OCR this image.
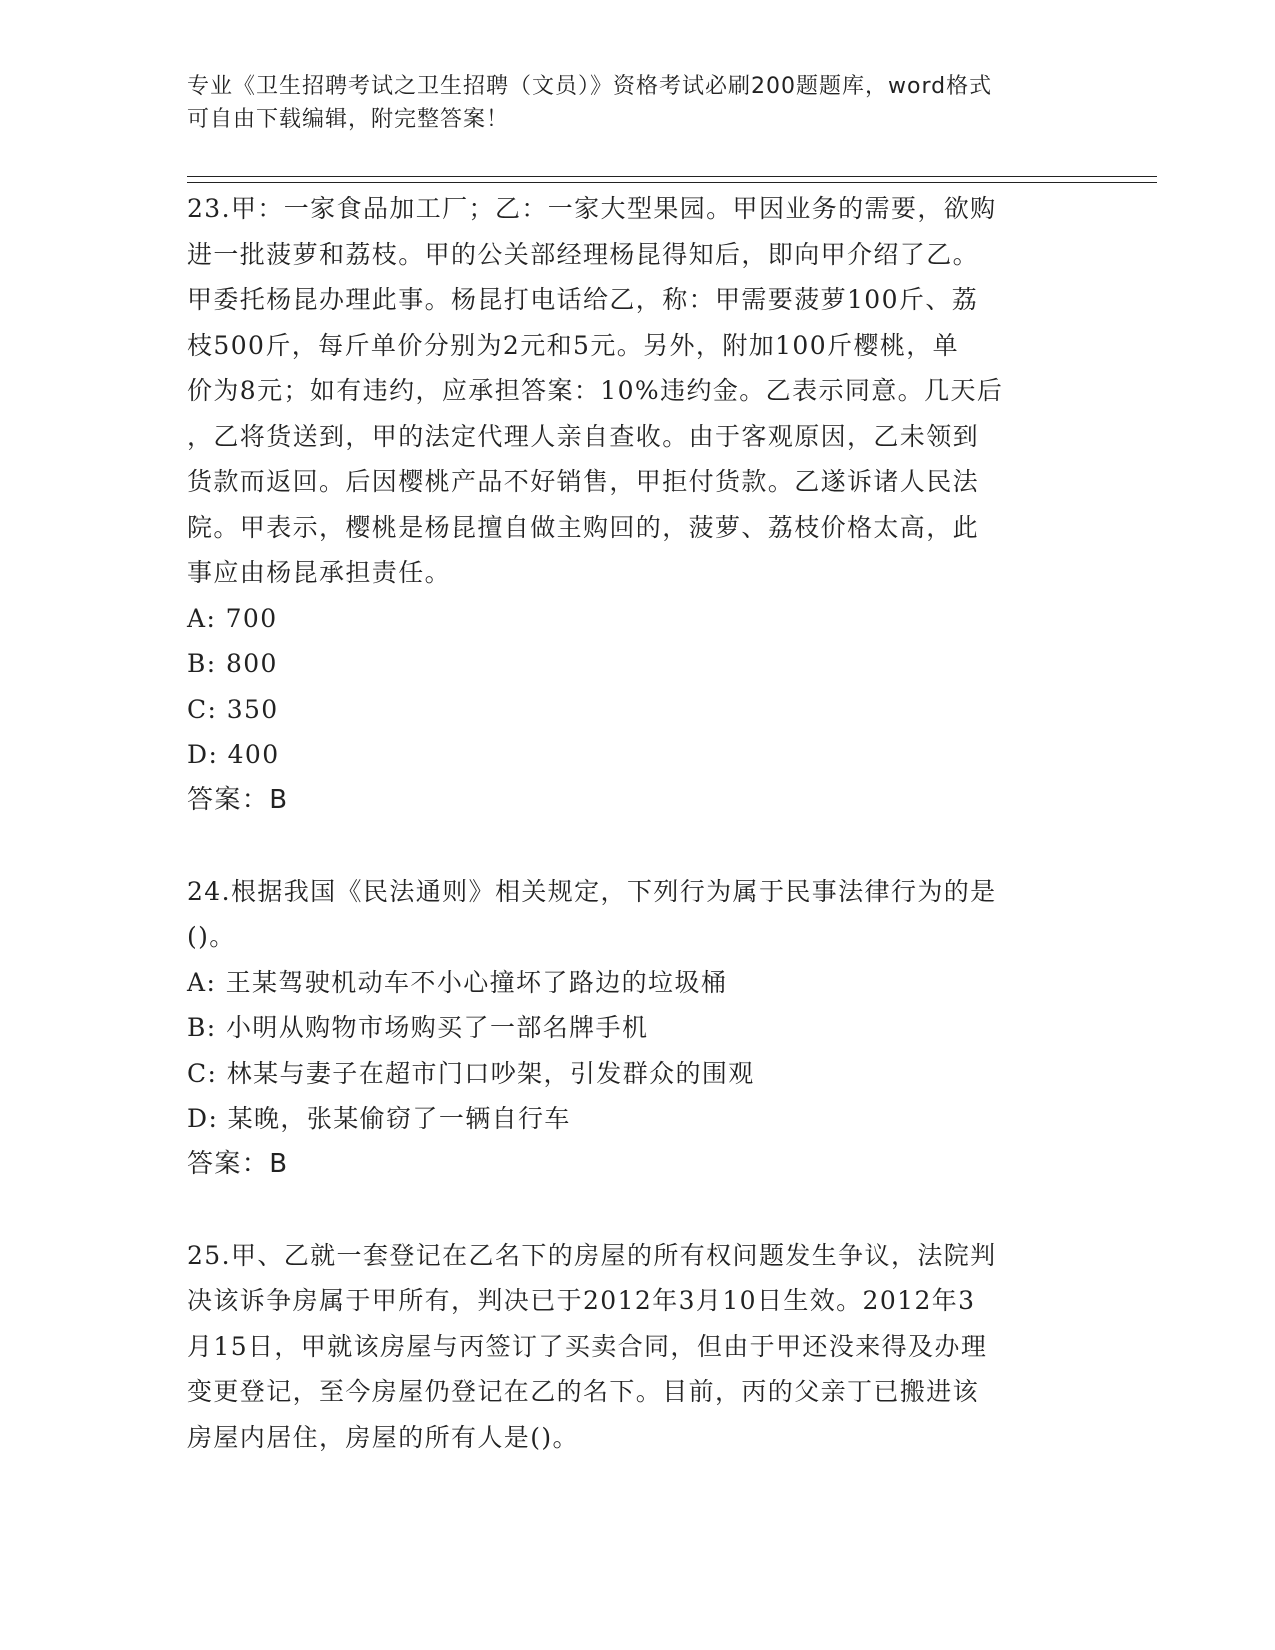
专业《卫生招聘考试之卫生招聘（文员）》资格考试必刷200题题库，word格式
可自由下载编辑，附完整答案！
23.甲：一家食品加工厂；乙：一家大型果园。甲因业务的需要，欲购
进一批菠萝和荔枝。甲的公关部经理杨昆得知后，即向甲介绍了乙。
甲委托杨昆办理此事。杨昆打电话给乙，称：甲需要菠萝100斤、荔
枝500斤，每斤单价分别为2元和5元。另外，附加100斤樱桃，单
价为8元；如有违约，应承担答案：10%违约金。乙表示同意。几天后
，乙将货送到，甲的法定代理人亲自查收。由于客观原因，乙未领到
货款而返回。后因樱桃产品不好销售，甲拒付货款。乙遂诉诸人民法
院。甲表示，樱桃是杨昆擅自做主购回的，菠萝、荔枝价格太高，此
事应由杨昆承担责任。
A: 700
B: 800
C: 350
D: 400
答案：B
24.根据我国《民法通则》相关规定，下列行为属于民事法律行为的是
()。
A: 王某驾驶机动车不小心撞坏了路边的垃圾桶
B: 小明从购物市场购买了一部名牌手机
C: 林某与妻子在超市门口吵架，引发群众的围观
D: 某晚，张某偷窃了一辆自行车
答案：B
25.甲、乙就一套登记在乙名下的房屋的所有权问题发生争议，法院判
决该诉争房属于甲所有，判决已于2012年3月10日生效。2012年3
月15日，甲就该房屋与丙签订了买卖合同，但由于甲还没来得及办理
变更登记，至今房屋仍登记在乙的名下。目前，丙的父亲丁已搬进该
房屋内居住，房屋的所有人是()。
